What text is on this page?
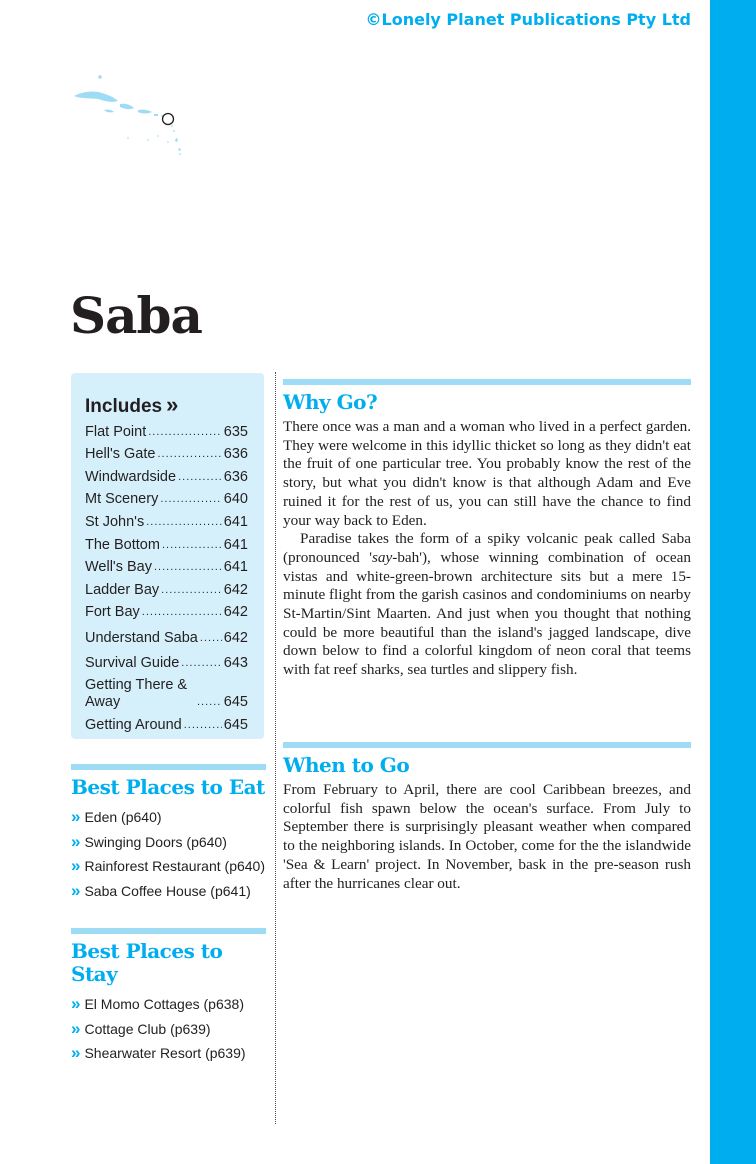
©Lonely Planet Publications Pty Ltd
Saba
Includes »
Flat Point .....	635
Hell's Gate .....	636
Windwardside .....	636
Mt Scenery .....	640
St John's .....	641
The Bottom .....	641
Well's Bay .....	641
Ladder Bay .....	642
Fort Bay .....	642
Understand Saba ..... 642
Survival Guide .....	643
Getting There & Away .....	645
Getting Around .....	645
Best Places to Eat
» Eden (p640)
» Swinging Doors (p640)
» Rainforest Restaurant (p640)
» Saba Coffee House (p641)
Best Places to Stay
» El Momo Cottages (p638)
» Cottage Club (p639)
» Shearwater Resort (p639)
Why Go?

There once was a man and a woman who lived in a perfect garden. They were welcome in this idyllic thicket so long as they didn't eat the fruit of one particular tree. You probably know the rest of the story, but what you didn't know is that although Adam and Eve ruined it for the rest of us, you can still have the chance to find your way back to Eden.

Paradise takes the form of a spiky volcanic peak called Saba (pronounced 'say-bah'), whose winning combination of ocean vistas and white-green-brown architecture sits but a mere 15-minute flight from the garish casinos and condominiums on nearby St-Martin/Sint Maarten. And just when you thought that nothing could be more beautiful than the island's jagged landscape, dive down below to find a colorful kingdom of neon coral that teems with fat reef sharks, sea turtles and slippery fish.

When to Go

From February to April, there are cool Caribbean breezes, and colorful fish spawn below the ocean's surface. From July to September there is surprisingly pleasant weather when compared to the neighboring islands. In October, come for the the islandwide 'Sea & Learn' project. In November, bask in the pre-season rush after the hurricanes clear out.
